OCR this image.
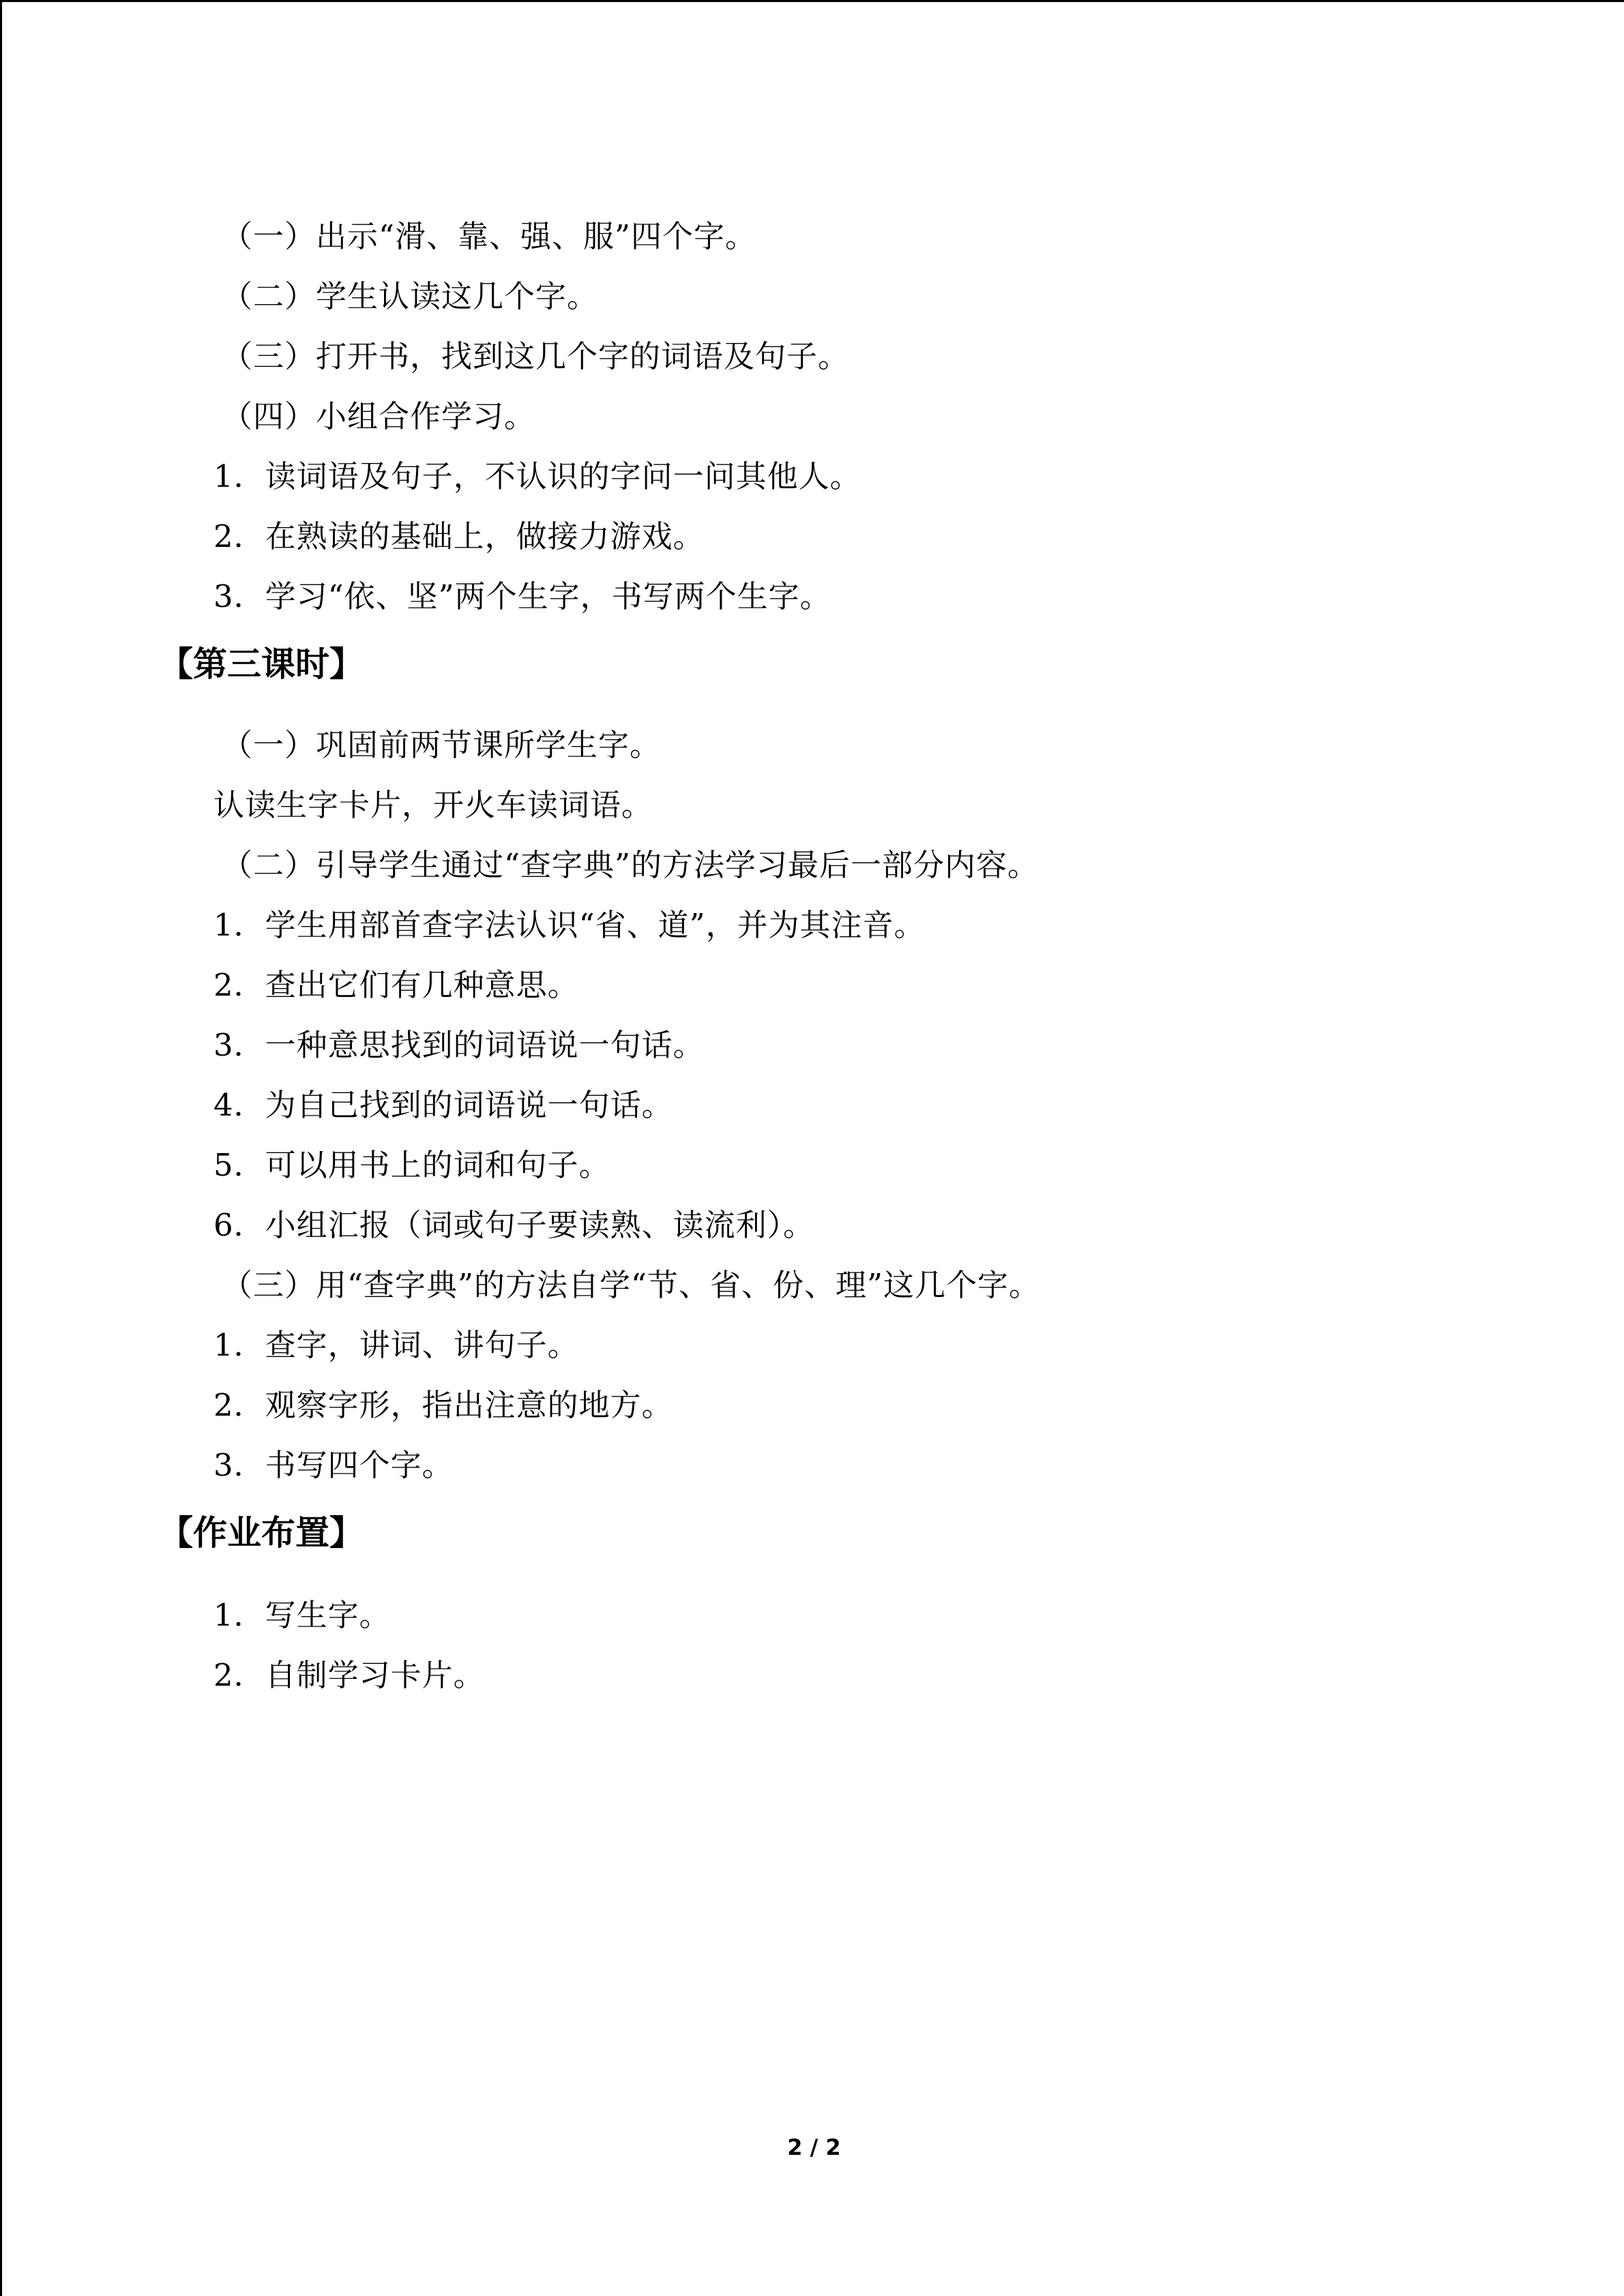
（一）出示“滑、靠、强、服”四个字。
（二）学生认读这几个字。
（三）打开书，找到这几个字的词语及句子。
（四）小组合作学习。
1．读词语及句子，不认识的字问一问其他人。
2．在熟读的基础上，做接力游戏。
3．学习“依、坚”两个生字，书写两个生字。
【第三课时】
（一）巩固前两节课所学生字。
认读生字卡片，开火车读词语。
（二）引导学生通过“查字典”的方法学习最后一部分内容。
1．学生用部首查字法认识“省、道”，并为其注音。
2．查出它们有几种意思。
3．一种意思找到的词语说一句话。
4．为自己找到的词语说一句话。
5．可以用书上的词和句子。
6．小组汇报（词或句子要读熟、读流利）。
（三）用“查字典”的方法自学“节、省、份、理”这几个字。
1．查字，讲词、讲句子。
2．观察字形，指出注意的地方。
3．书写四个字。
【作业布置】
1．写生字。
2．自制学习卡片。
2 / 2
